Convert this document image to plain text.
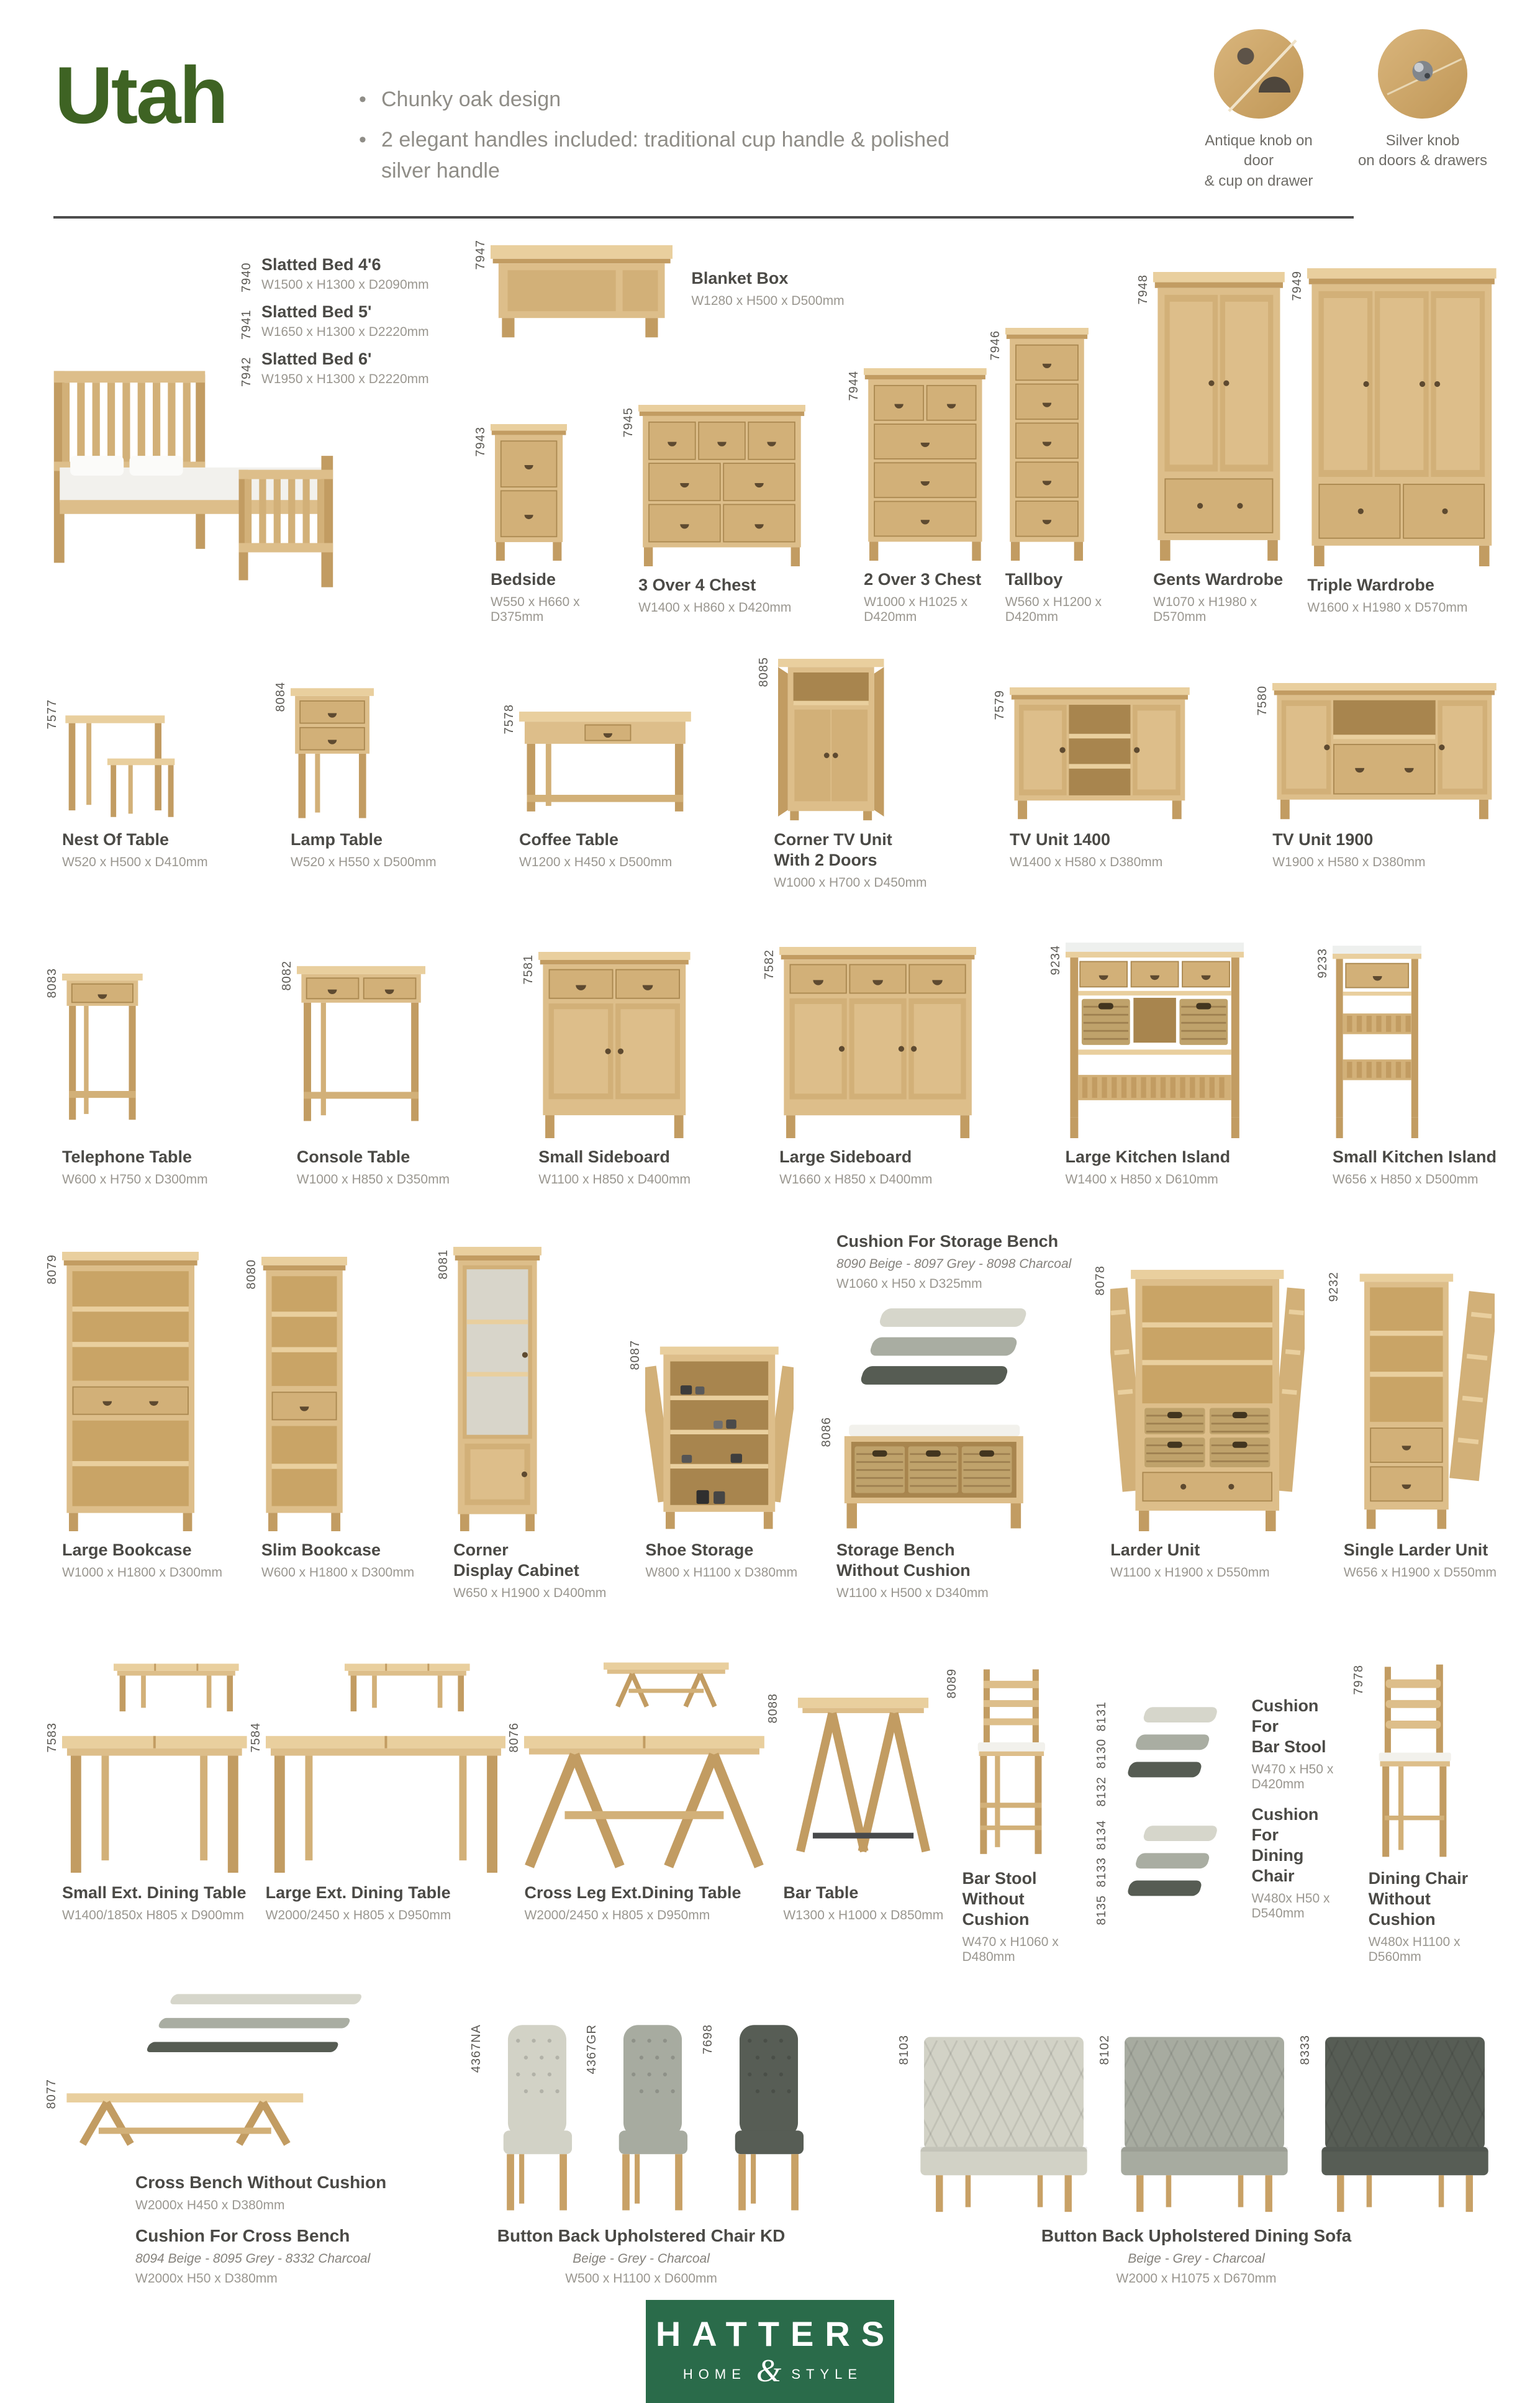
Utah	• Chunky oak design
• 2 elegant handles included: traditional cup handle & polished silver handle
Antique knob on door
& cup on drawer
Silver knob
on doors & drawers
7940 Slatted Bed 4'6
W1500 x H1300 x D2090mm
7941 Slatted Bed 5'
W1650 x H1300 x D2220mm
7942 Slatted Bed 6'
W1950 x H1300 x D2220mm
7947
Blanket Box
W1280 x H500 x D500mm
7943
Bedside
W550 x H660 x D375mm
7945
3 Over 4 Chest
W1400 x H860 x D420mm
7944
2 Over 3 Chest
W1000 x H1025 x D420mm
7946
Tallboy
W560 x H1200 x D420mm
7948
Gents Wardrobe
W1070 x H1980 x D570mm
7949
Triple Wardrobe
W1600 x H1980 x D570mm
7577
Nest Of Table
W520 x H500 x D410mm
8084
Lamp Table
W520 x H550 x D500mm
7578
Coffee Table
W1200 x H450 x D500mm
8085
Corner TV Unit
With 2 Doors
W1000 x H700 x D450mm
7579
TV Unit 1400
W1400 x H580 x D380mm
7580
TV Unit 1900
W1900 x H580 x D380mm
8083
Telephone Table
W600 x H750 x D300mm
8082
Console Table
W1000 x H850 x D350mm
7581
Small Sideboard
W1100 x H850 x D400mm
7582
Large Sideboard
W1660 x H850 x D400mm
9234
Large Kitchen Island
W1400 x H850 x D610mm
9233
Small Kitchen Island
W656 x H850 x D500mm
8079
Large Bookcase
W1000 x H1800 x D300mm
8080
Slim Bookcase
W600 x H1800 x D300mm
8081
Corner
Display Cabinet
W650 x H1900 x D400mm
8087
Shoe Storage
W800 x H1100 x D380mm
Cushion For Storage Bench
8090 Beige - 8097 Grey - 8098 Charcoal
W1060 x H50 x D325mm
8086
Storage Bench
Without Cushion
W1100 x H500 x D340mm
8078
Larder Unit
W1100 x H1900 x D550mm
9232
Single Larder Unit
W656 x H1900 x D550mm
7583
Small Ext. Dining Table
W1400/1850x H805 x D900mm
7584
Large Ext. Dining Table
W2000/2450 x H805 x D950mm
8076
Cross Leg Ext.Dining Table
W2000/2450 x H805 x D950mm
8088
Bar Table
W1300 x H1000 x D850mm
8089
Bar Stool
Without Cushion
W470 x H1060 x D480mm
8131
8130
8132
Cushion For
Bar Stool
W470 x H50 x D420mm
8134
8133
8135
Cushion For
Dining Chair
W480x H50 x D540mm
7978
Dining Chair
Without Cushion
W480x H1100 x D560mm
8077
Cross Bench Without Cushion
W2000x H450 x D380mm
Cushion For Cross Bench
8094 Beige - 8095 Grey - 8332 Charcoal
W2000x H50 x D380mm
4367NA	4367GR	7698
Button Back Upholstered Chair KD
Beige - Grey - Charcoal
W500 x H1100 x D600mm
8103	8102	8333
Button Back Upholstered Dining Sofa
Beige - Grey - Charcoal
W2000 x H1075 x D670mm
HATTERS
HOME & STYLE
